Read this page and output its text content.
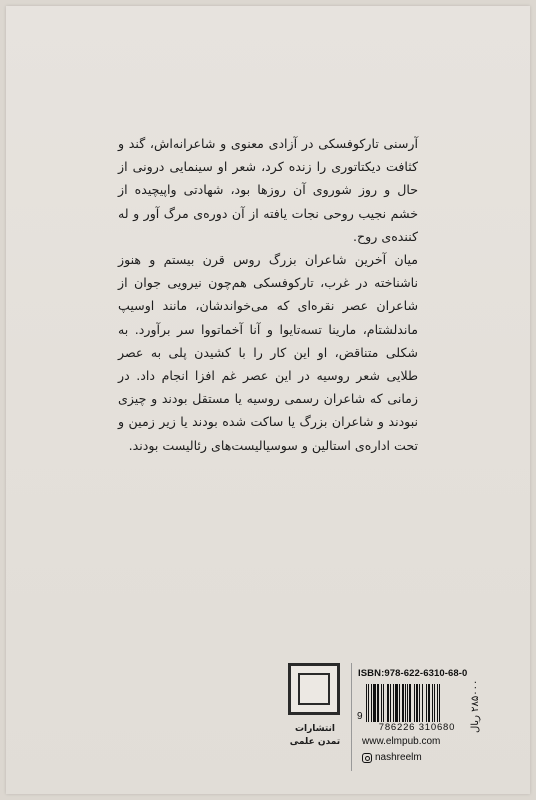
آرسنی تارکوفسکی در آزادی معنوی و شاعرانه‌اش، گند و کثافت دیکتاتوری را زنده کرد، شعر او سینمایی درونی از حال و روز شوروی آن روزها بود، شهادتی واپیچیده از خشم نجیب روحی نجات یافته از آن دوره‌ی مرگ آور و له کننده‌ی روح.

میان آخرین شاعران بزرگ روس قرن بیستم و هنوز ناشناخته در غرب، تارکوفسکی هم‌چون نیرویی جوان از شاعران عصر نقره‌ای که می‌خواندشان، مانند اوسیپ ماندلشتام، مارینا تسه‌تایوا و آنا آخماتووا سر برآورد. به شکلی متناقض، او این کار را با کشیدن پلی به عصر طلایی شعر روسیه در این عصر غم افزا انجام داد. در زمانی که شاعران رسمی روسیه یا مستقل بودند و چیزی نبودند و شاعران بزرگ یا ساکت شده بودند یا زیر زمین و تحت اداره‌ی استالین و سوسیالیست‌های رئالیست بودند.

انتشارات
تمدن علمی
ISBN:978-622-6310-68-0
9
786226 310680	۲۸۵۰۰۰ ریال
www.elmpub.com
nashreelm
